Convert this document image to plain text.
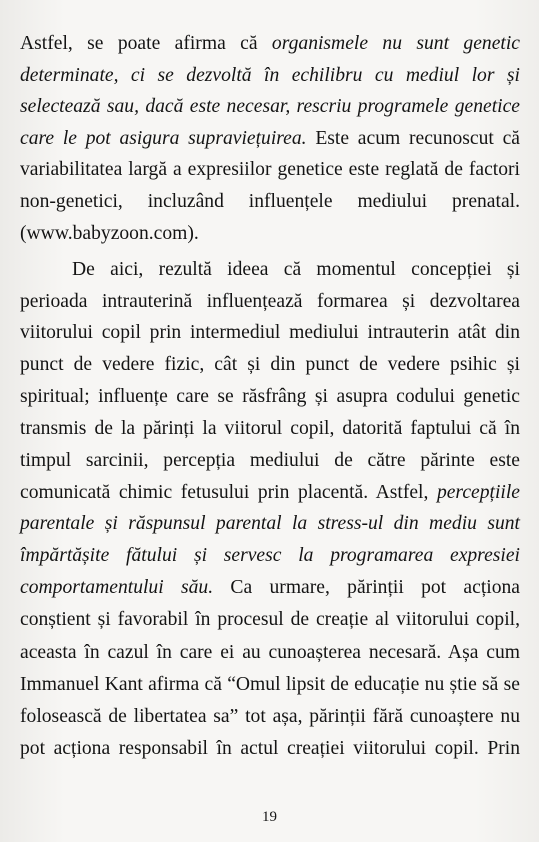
Astfel, se poate afirma că organismele nu sunt genetic
determinate, ci se dezvoltă în echilibru cu mediul lor și
selectează sau, dacă este necesar, rescriu programele genetice
care le pot asigura supraviețuirea. Este acum recunoscut că
variabilitatea largă a expresiilor genetice este reglată de factori
non-genetici, incluzând influențele mediului prenatal.
(www.babyzoon.com).
De aici, rezultă ideea că momentul concepției și
perioada intrauterină influențează formarea și dezvoltarea
viitorului copil prin intermediul mediului intrauterin atât din
punct de vedere fizic, cât și din punct de vedere psihic și
spiritual; influențe care se răsfrâng și asupra codului genetic
transmis de la părinți la viitorul copil, datorită faptului că în
timpul sarcinii, percepția mediului de către părinte este
comunicată chimic fetusului prin placentă. Astfel, percepțiile
parentale și răspunsul parental la stress-ul din mediu sunt
împărtășite fătului și servesc la programarea expresiei
comportamentului său. Ca urmare, părinții pot acționa
conștient și favorabil în procesul de creație al viitorului copil,
aceasta în cazul în care ei au cunoașterea necesară. Așa cum
Immanuel Kant afirma că “Omul lipsit de educație nu știe să se
folosească de libertatea sa” tot așa, părinții fără cunoaștere nu
pot acționa responsabil în actul creației viitorului copil. Prin
19
